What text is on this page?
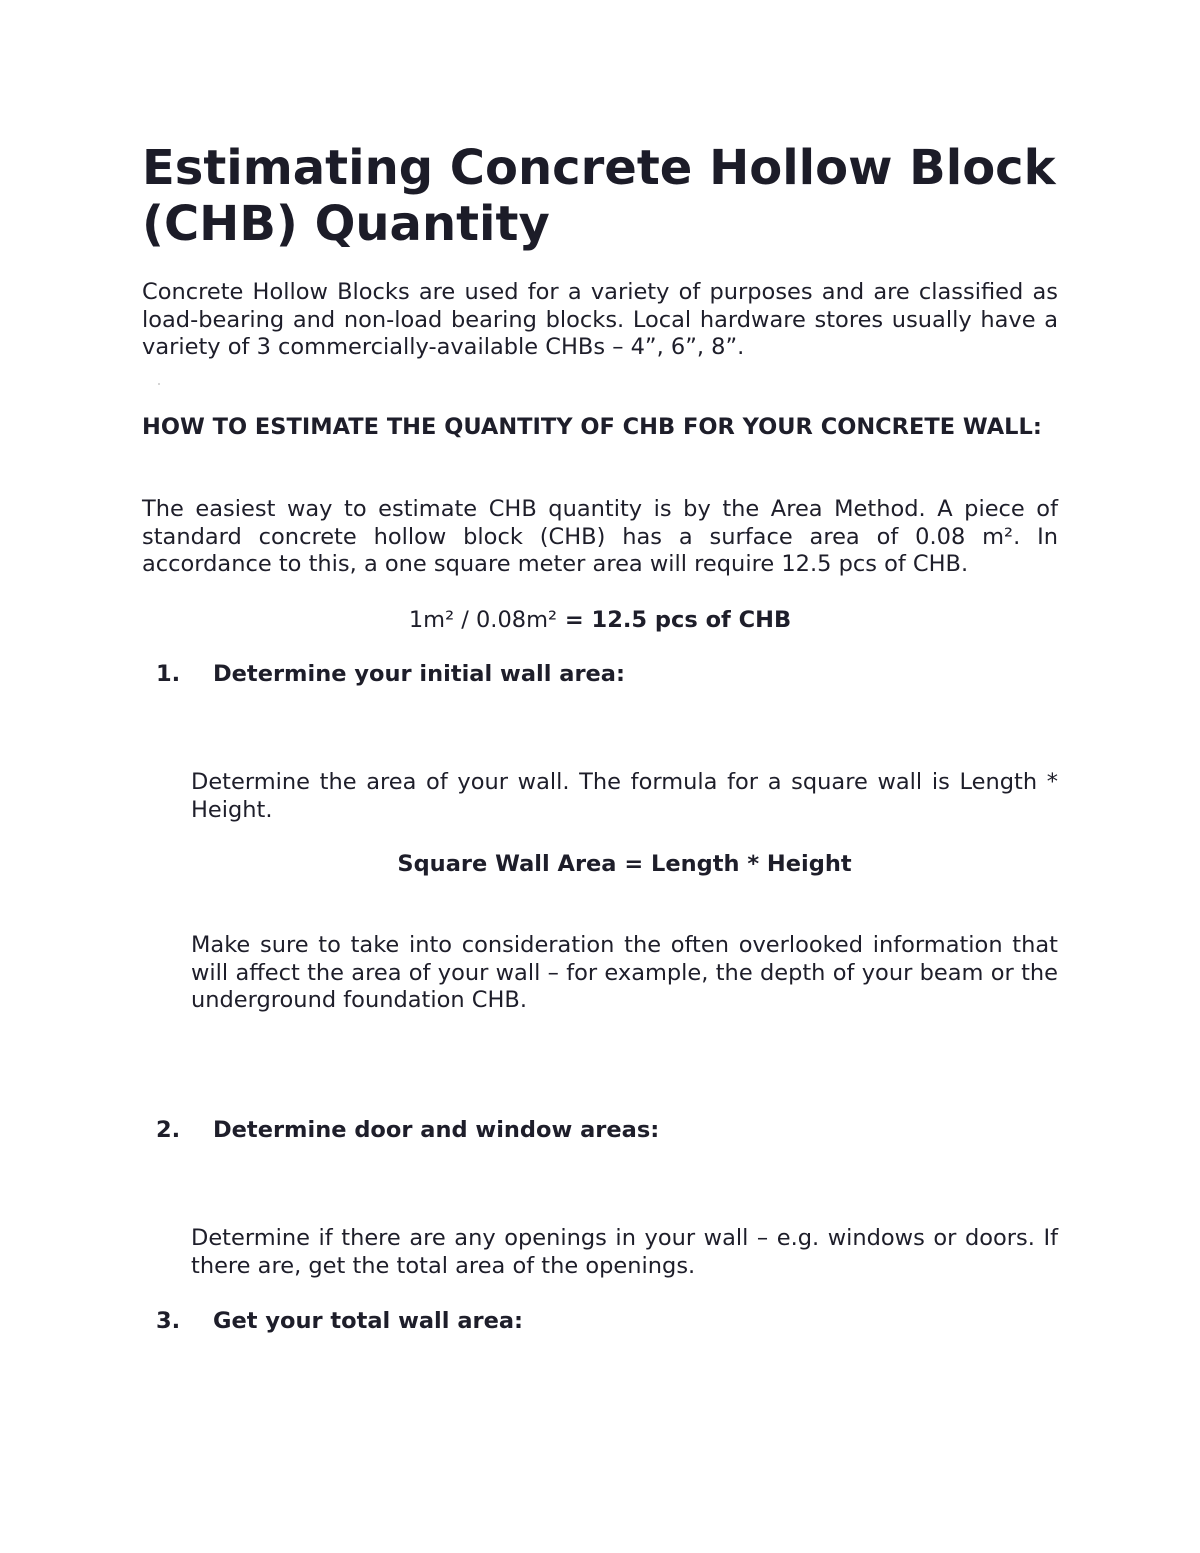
Estimating Concrete Hollow Block (CHB) Quantity

Concrete Hollow Blocks are used for a variety of purposes and are classified as load-bearing and non-load bearing blocks. Local hardware stores usually have a variety of 3 commercially-available CHBs – 4”, 6”, 8”.

HOW TO ESTIMATE THE QUANTITY OF CHB FOR YOUR CONCRETE WALL:

The easiest way to estimate CHB quantity is by the Area Method. A piece of standard concrete hollow block (CHB) has a surface area of 0.08 m². In accordance to this, a one square meter area will require 12.5 pcs of CHB.

1m² / 0.08m² = 12.5 pcs of CHB

1. Determine your initial wall area:

Determine the area of your wall. The formula for a square wall is Length * Height.

Square Wall Area = Length * Height

Make sure to take into consideration the often overlooked information that will affect the area of your wall – for example, the depth of your beam or the underground foundation CHB.

2. Determine door and window areas:

Determine if there are any openings in your wall – e.g. windows or doors. If there are, get the total area of the openings.

3. Get your total wall area:
